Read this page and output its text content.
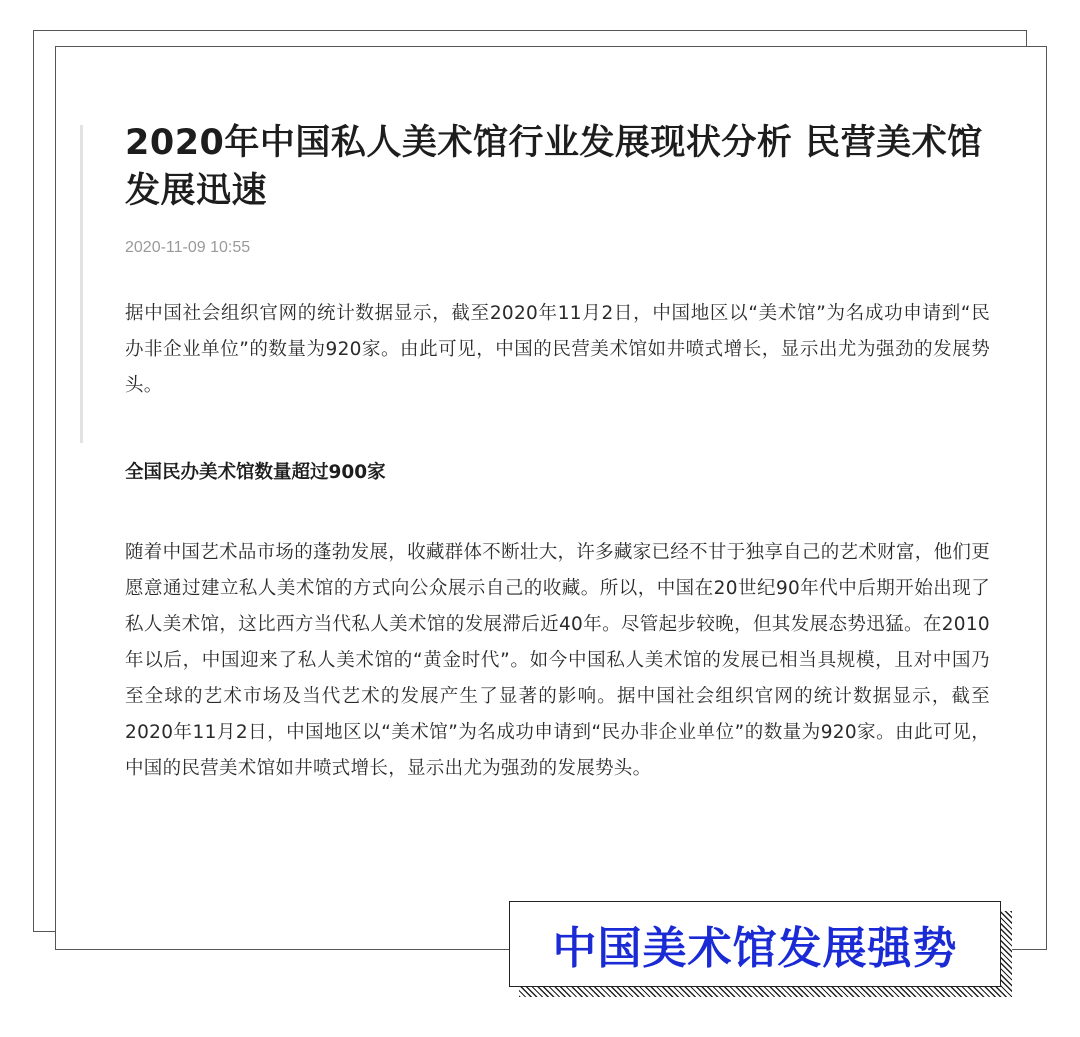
2020年中国私人美术馆行业发展现状分析 民营美术馆发展迅速
2020-11-09 10:55

据中国社会组织官网的统计数据显示，截至2020年11月2日，中国地区以“美术馆”为名成功申请到“民办非企业单位”的数量为920家。由此可见，中国的民营美术馆如井喷式增长，显示出尤为强劲的发展势头。

全国民办美术馆数量超过900家

随着中国艺术品市场的蓬勃发展，收藏群体不断壮大，许多藏家已经不甘于独享自己的艺术财富，他们更愿意通过建立私人美术馆的方式向公众展示自己的收藏。所以，中国在20世纪90年代中后期开始出现了私人美术馆，这比西方当代私人美术馆的发展滞后近40年。尽管起步较晚，但其发展态势迅猛。在2010年以后，中国迎来了私人美术馆的“黄金时代”。如今中国私人美术馆的发展已相当具规模，且对中国乃至全球的艺术市场及当代艺术的发展产生了显著的影响。据中国社会组织官网的统计数据显示，截至2020年11月2日，中国地区以“美术馆”为名成功申请到“民办非企业单位”的数量为920家。由此可见，中国的民营美术馆如井喷式增长，显示出尤为强劲的发展势头。

中国美术馆发展强势
